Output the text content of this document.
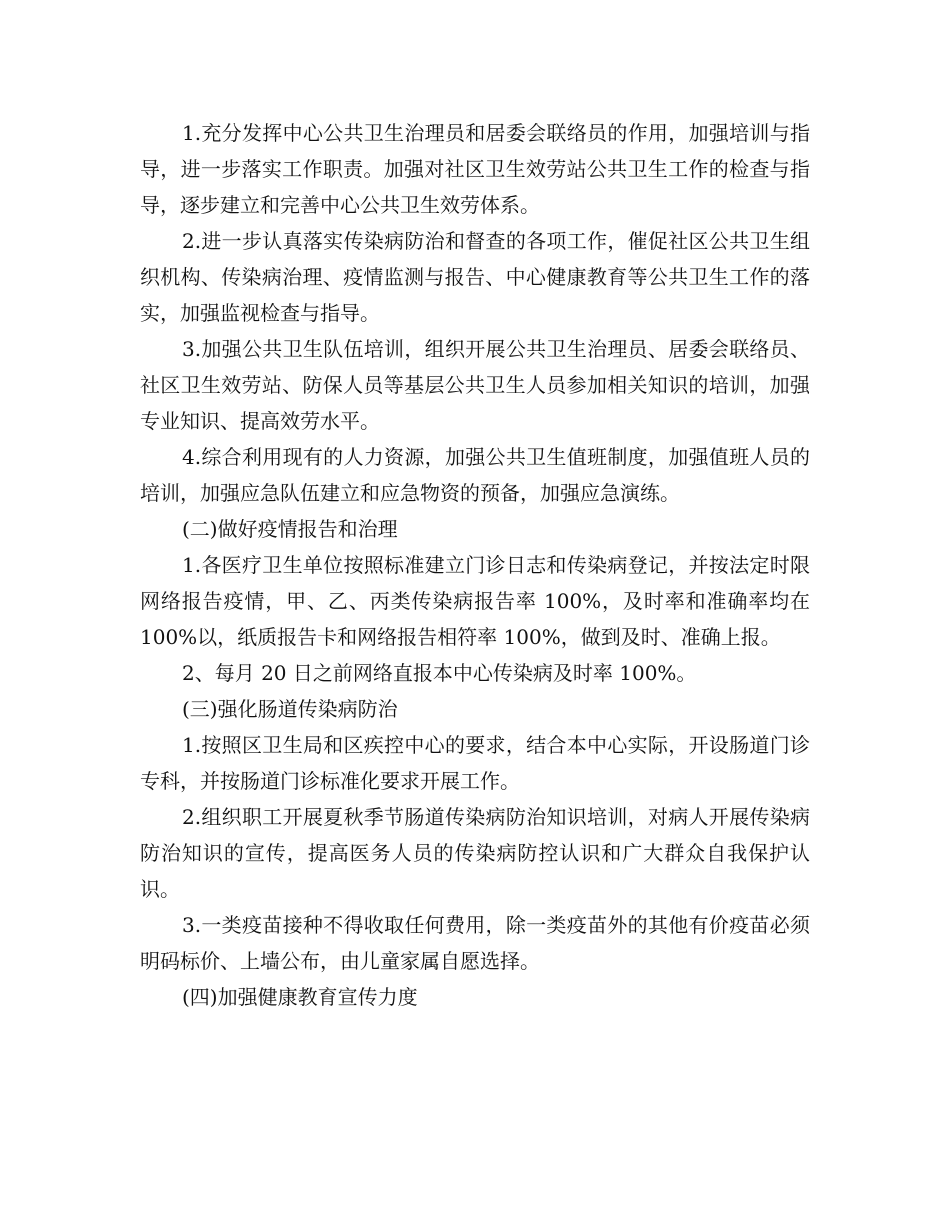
1.充分发挥中心公共卫生治理员和居委会联络员的作用，加强培训与指导，进一步落实工作职责。加强对社区卫生效劳站公共卫生工作的检查与指导，逐步建立和完善中心公共卫生效劳体系。

2.进一步认真落实传染病防治和督查的各项工作，催促社区公共卫生组织机构、传染病治理、疫情监测与报告、中心健康教育等公共卫生工作的落实，加强监视检查与指导。

3.加强公共卫生队伍培训，组织开展公共卫生治理员、居委会联络员、社区卫生效劳站、防保人员等基层公共卫生人员参加相关知识的培训，加强专业知识、提高效劳水平。

4.综合利用现有的人力资源，加强公共卫生值班制度，加强值班人员的培训，加强应急队伍建立和应急物资的预备，加强应急演练。

(二)做好疫情报告和治理

1.各医疗卫生单位按照标准建立门诊日志和传染病登记，并按法定时限网络报告疫情，甲、乙、丙类传染病报告率 100%，及时率和准确率均在 100%以，纸质报告卡和网络报告相符率 100%，做到及时、准确上报。

2、每月 20 日之前网络直报本中心传染病及时率 100%。

(三)强化肠道传染病防治

1.按照区卫生局和区疾控中心的要求，结合本中心实际，开设肠道门诊专科，并按肠道门诊标准化要求开展工作。

2.组织职工开展夏秋季节肠道传染病防治知识培训，对病人开展传染病防治知识的宣传，提高医务人员的传染病防控认识和广大群众自我保护认识。

3.一类疫苗接种不得收取任何费用，除一类疫苗外的其他有价疫苗必须明码标价、上墙公布，由儿童家属自愿选择。

(四)加强健康教育宣传力度
